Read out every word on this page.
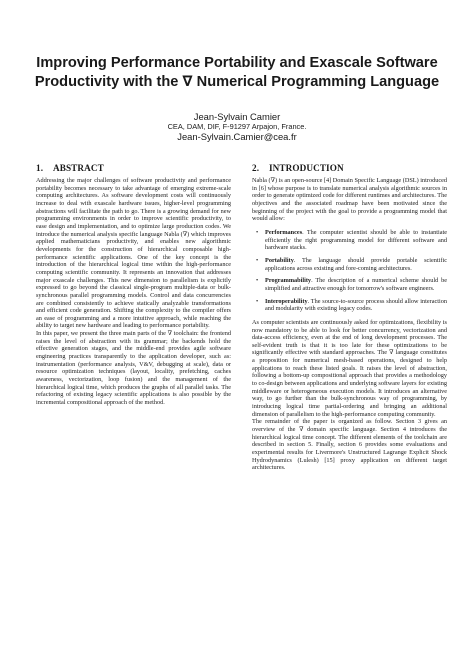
Improving Performance Portability and Exascale Software Productivity with the ∇ Numerical Programming Language
Jean-Sylvain Camier
CEA, DAM, DIF, F-91297 Arpajon, France.
Jean-Sylvain.Camier@cea.fr
1. ABSTRACT

Addressing the major challenges of software productivity and performance portability becomes necessary to take advantage of emerging extreme-scale computing architectures. As software development costs will continuously increase to deal with exascale hardware issues, higher-level programming abstractions will facilitate the path to go. There is a growing demand for new programming environments in order to improve scientific productivity, to ease design and implementation, and to optimize large production codes. We introduce the numerical analysis specific language Nabla (∇) which improves applied mathematicians productivity, and enables new algorithmic developments for the construction of hierarchical composable high-performance scientific applications. One of the key concept is the introduction of the hierarchical logical time within the high-performance computing scientific community. It represents an innovation that addresses major exascale challenges. This new dimension to parallelism is explicitly expressed to go beyond the classical single-program multiple-data or bulk-synchronous parallel programming models. Control and data concurrencies are combined consistently to achieve statically analyzable transformations and efficient code generation. Shifting the complexity to the compiler offers an ease of programming and a more intuitive approach, while reaching the ability to target new hardware and leading to performance portability.

In this paper, we present the three main parts of the ∇ toolchain: the frontend raises the level of abstraction with its grammar; the backends hold the effective generation stages, and the middle-end provides agile software engineering practices transparently to the application developer, such as: instrumentation (performance analysis, V&V, debugging at scale), data or resource optimization techniques (layout, locality, prefetching, caches awareness, vectorization, loop fusion) and the management of the hierarchical logical time, which produces the graphs of all parallel tasks. The refactoring of existing legacy scientific applications is also possible by the incremental compositional approach of the method.

2. INTRODUCTION

Nabla (∇) is an open-source [4] Domain Specific Language (DSL) introduced in [6] whose purpose is to translate numerical analysis algorithmic sources in order to generate optimized code for different runtimes and architectures. The objectives and the associated roadmap have been motivated since the beginning of the project with the goal to provide a programming model that would allow:

• Performances. The computer scientist should be able to instantiate efficiently the right programming model for different software and hardware stacks.
• Portability. The language should provide portable scientific applications across existing and fore-coming architectures.
• Programmability. The description of a numerical scheme should be simplified and attractive enough for tomorrow's software engineers.
• Interoperability. The source-to-source process should allow interaction and modularity with existing legacy codes.

As computer scientists are continuously asked for optimizations, flexibility is now mandatory to be able to look for better concurrency, vectorization and data-access efficiency, even at the end of long development processes. The self-evident truth is that it is too late for these optimizations to be significantly effective with standard approaches. The ∇ language constitutes a proposition for numerical mesh-based operations, designed to help applications to reach these listed goals. It raises the level of abstraction, following a bottom-up compositional approach that provides a methodology to co-design between applications and underlying software layers for existing middleware or heterogeneous execution models. It introduces an alternative way, to go further than the bulk-synchronous way of programming, by introducing logical time partial-ordering and bringing an additional dimension of parallelism to the high-performance computing community.

The remainder of the paper is organized as follow. Section 3 gives an overview of the ∇ domain specific language. Section 4 introduces the hierarchical logical time concept. The different elements of the toolchain are described in section 5. Finally, section 6 provides some evaluations and experimental results for Livermore's Unstructured Lagrange Explicit Shock Hydrodynamics (Lulesh) [15] proxy application on different target architectures.
